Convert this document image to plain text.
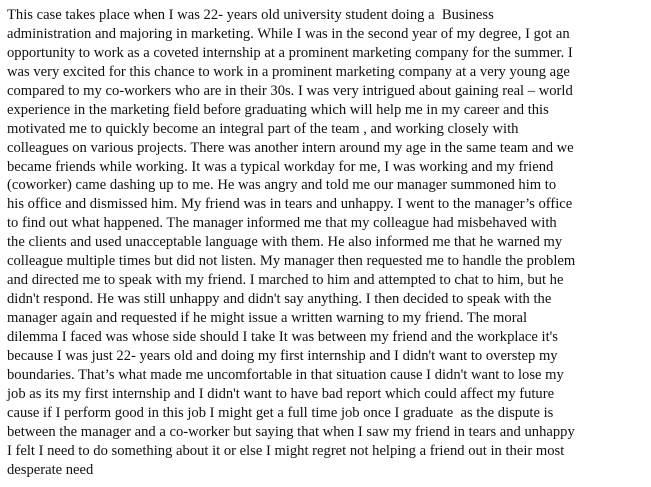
This case takes place when I was 22- years old university student doing a  Business
administration and majoring in marketing. While I was in the second year of my degree, I got an
opportunity to work as a coveted internship at a prominent marketing company for the summer. I
was very excited for this chance to work in a prominent marketing company at a very young age
compared to my co-workers who are in their 30s. I was very intrigued about gaining real – world
experience in the marketing field before graduating which will help me in my career and this
motivated me to quickly become an integral part of the team , and working closely with
colleagues on various projects. There was another intern around my age in the same team and we
became friends while working. It was a typical workday for me, I was working and my friend
(coworker) came dashing up to me. He was angry and told me our manager summoned him to
his office and dismissed him. My friend was in tears and unhappy. I went to the manager’s office
to find out what happened. The manager informed me that my colleague had misbehaved with
the clients and used unacceptable language with them. He also informed me that he warned my
colleague multiple times but did not listen. My manager then requested me to handle the problem
and directed me to speak with my friend. I marched to him and attempted to chat to him, but he
didn't respond. He was still unhappy and didn't say anything. I then decided to speak with the
manager again and requested if he might issue a written warning to my friend. The moral
dilemma I faced was whose side should I take It was between my friend and the workplace it's
because I was just 22- years old and doing my first internship and I didn't want to overstep my
boundaries. That’s what made me uncomfortable in that situation cause I didn't want to lose my
job as its my first internship and I didn't want to have bad report which could affect my future
cause if I perform good in this job I might get a full time job once I graduate  as the dispute is
between the manager and a co-worker but saying that when I saw my friend in tears and unhappy
I felt I need to do something about it or else I might regret not helping a friend out in their most
desperate need
